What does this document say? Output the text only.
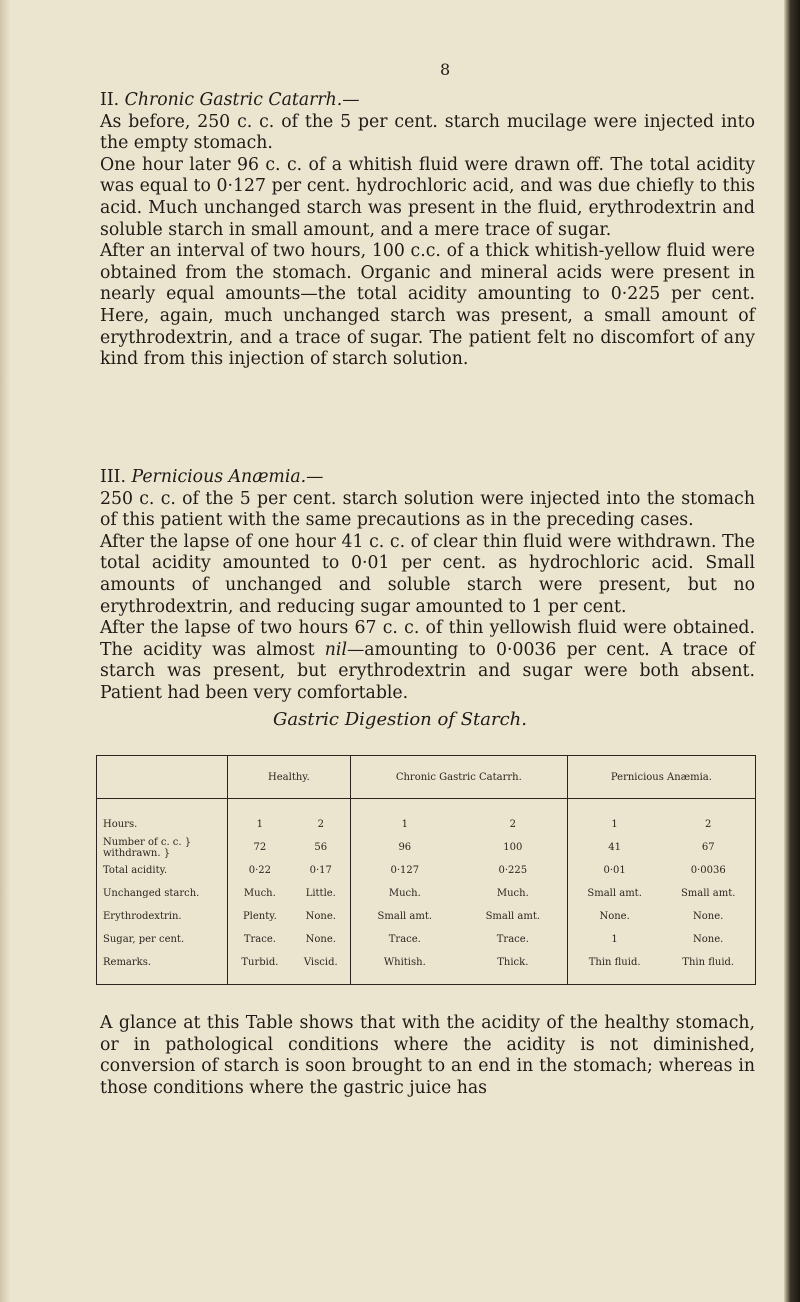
8

II. Chronic Gastric Catarrh.—

As before, 250 c. c. of the 5 per cent. starch mucilage were injected into the empty stomach.

One hour later 96 c. c. of a whitish fluid were drawn off. The total acidity was equal to 0·127 per cent. hydrochloric acid, and was due chiefly to this acid. Much unchanged starch was present in the fluid, erythrodextrin and soluble starch in small amount, and a mere trace of sugar.

After an interval of two hours, 100 c.c. of a thick whitish-yellow fluid were obtained from the stomach. Organic and mineral acids were present in nearly equal amounts—the total acidity amounting to 0·225 per cent. Here, again, much unchanged starch was present, a small amount of erythrodextrin, and a trace of sugar. The patient felt no discomfort of any kind from this injection of starch solution.

III. Pernicious Anæmia.—

250 c. c. of the 5 per cent. starch solution were injected into the stomach of this patient with the same precautions as in the preceding cases.

After the lapse of one hour 41 c. c. of clear thin fluid were withdrawn. The total acidity amounted to 0·01 per cent. as hydrochloric acid. Small amounts of unchanged and soluble starch were present, but no erythrodextrin, and reducing sugar amounted to 1 per cent.

After the lapse of two hours 67 c. c. of thin yellowish fluid were obtained. The acidity was almost nil—amounting to 0·0036 per cent. A trace of starch was present, but erythrodextrin and sugar were both absent. Patient had been very comfortable.

Gastric Digestion of Starch.
	Healthy.		Chronic Gastric Catarrh.		Pernicious Anæmia.	
Hours.	1	2	1	2	1	2
Number of c. c. } withdrawn. }	72	56	96	100	41	67
Total acidity.	0·22	0·17	0·127	0·225	0·01	0·0036
Unchanged starch.	Much.	Little.	Much.	Much.	Small amt.	Small amt.
Erythrodextrin.	Plenty.	None.	Small amt.	Small amt.	None.	None.
Sugar, per cent.	Trace.	None.	Trace.	Trace.	1	None.
Remarks.	Turbid.	Viscid.	Whitish.	Thick.	Thin fluid.	Thin fluid.

A glance at this Table shows that with the acidity of the healthy stomach, or in pathological conditions where the acidity is not diminished, conversion of starch is soon brought to an end in the stomach; whereas in those conditions where the gastric juice has
